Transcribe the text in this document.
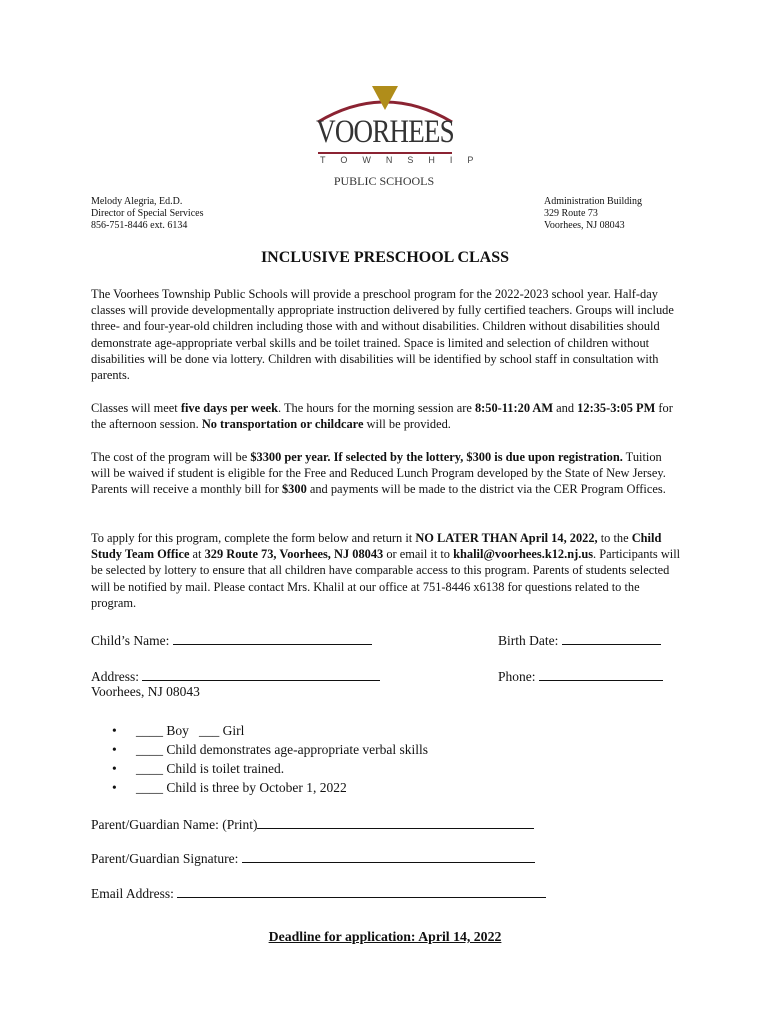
VOORHEES
TOWNSHIP
PUBLIC SCHOOLS
Melody Alegria, Ed.D.
Director of Special Services
856-751-8446 ext. 6134
Administration Building
329 Route 73
Voorhees, NJ 08043
INCLUSIVE PRESCHOOL CLASS
The Voorhees Township Public Schools will provide a preschool program for the 2022-2023 school year. Half-day classes will provide developmentally appropriate instruction delivered by fully certified teachers. Groups will include three- and four-year-old children including those with and without disabilities. Children without disabilities should demonstrate age-appropriate verbal skills and be toilet trained. Space is limited and selection of children without disabilities will be done via lottery. Children with disabilities will be identified by school staff in consultation with parents.
Classes will meet five days per week. The hours for the morning session are 8:50-11:20 AM and 12:35-3:05 PM for the afternoon session. No transportation or childcare will be provided.
The cost of the program will be $3300 per year. If selected by the lottery, $300 is due upon registration. Tuition will be waived if student is eligible for the Free and Reduced Lunch Program developed by the State of New Jersey. Parents will receive a monthly bill for $300 and payments will be made to the district via the CER Program Offices.
To apply for this program, complete the form below and return it NO LATER THAN April 14, 2022, to the Child Study Team Office at 329 Route 73, Voorhees, NJ 08043 or email it to khalil@voorhees.k12.nj.us. Participants will be selected by lottery to ensure that all children have comparable access to this program. Parents of students selected will be notified by mail. Please contact Mrs. Khalil at our office at 751-8446 x6138 for questions related to the program.
Child’s Name:	Birth Date:
Address:	Phone:
Voorhees, NJ 08043
• ____ Boy   ___ Girl
• ____ Child demonstrates age-appropriate verbal skills
• ____ Child is toilet trained.
• ____ Child is three by October 1, 2022
Parent/Guardian Name: (Print)
Parent/Guardian Signature:
Email Address:
Deadline for application: April 14, 2022
